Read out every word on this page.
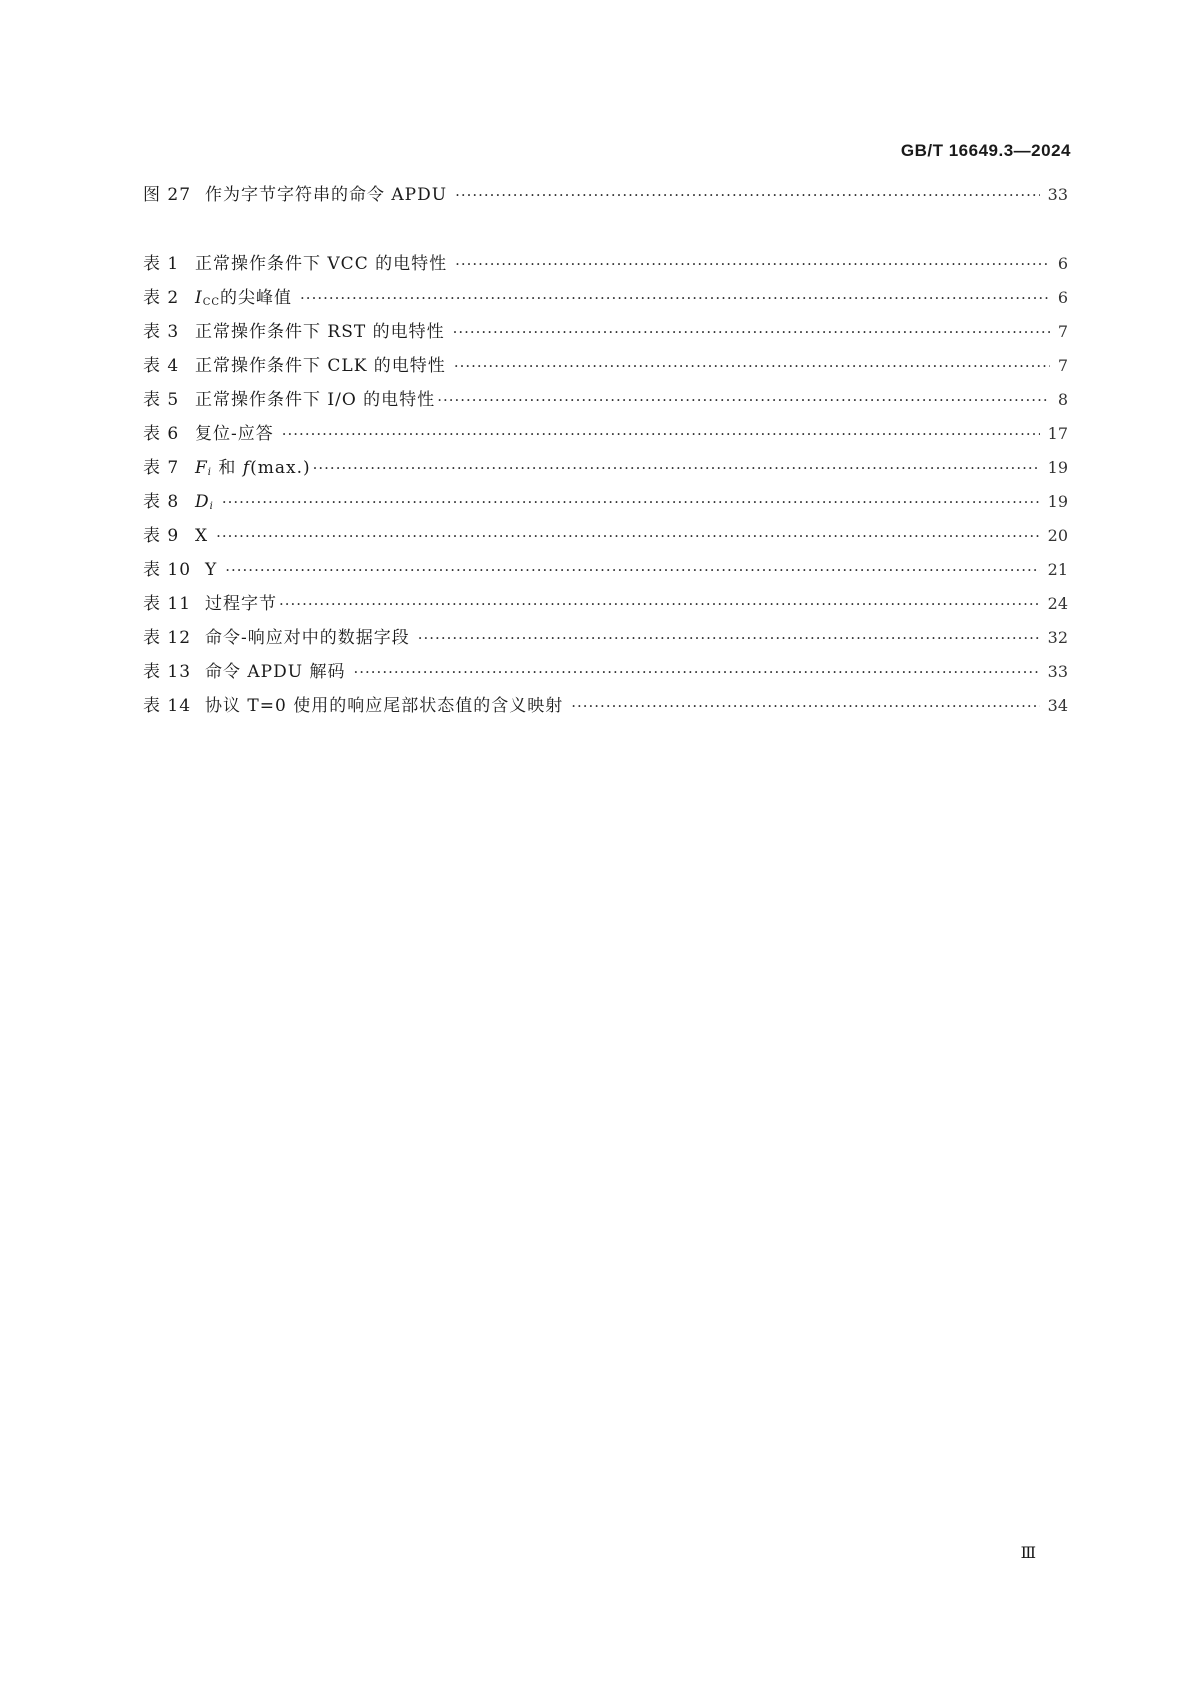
GB/T 16649.3—2024
图 27 作为字节字符串的命令 APDU ·····	33
表 1 正常操作条件下 VCC 的电特性 ·····	6
表 2 $I_{CC}$的尖峰值 ·····	6
表 3 正常操作条件下 RST 的电特性 ·····	7
表 4 正常操作条件下 CLK 的电特性 ·····	7
表 5 正常操作条件下 I/O 的电特性 ·····	8
表 6 复位-应答 ·····	17
表 7 $F_i$ 和 f(max.) ·····	19
表 8 $D_i$ ·····	19
表 9 X ·····	20
表 10 Y ·····	21
表 11 过程字节 ·····	24
表 12 命令-响应对中的数据字段 ·····	32
表 13 命令 APDU 解码 ·····	33
表 14 协议 T=0 使用的响应尾部状态值的含义映射 ·····	34
Ⅲ
